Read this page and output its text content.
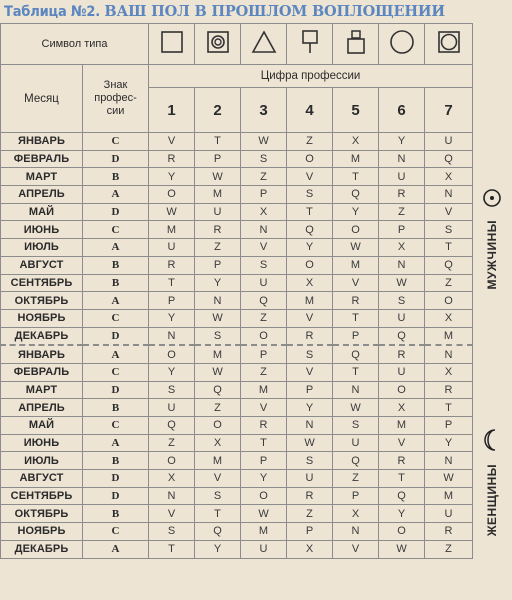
Таблица №2. ВАШ ПОЛ В ПРОШЛОМ ВОПЛОЩЕНИИ
Символ типа							
Месяц	Знак
профес-
сии	Цифра профессии						
		1	2	3	4	5	6	7
ЯНВАРЬ	C	V	T	W	Z	X	Y	U
ФЕВРАЛЬ	D	R	P	S	O	M	N	Q
МАРТ	B	Y	W	Z	V	T	U	X
АПРЕЛЬ	A	O	M	P	S	Q	R	N
МАЙ	D	W	U	X	T	Y	Z	V
ИЮНЬ	C	M	R	N	Q	O	P	S
ИЮЛЬ	A	U	Z	V	Y	W	X	T
АВГУСТ	B	R	P	S	O	M	N	Q
СЕНТЯБРЬ	B	T	Y	U	X	V	W	Z
ОКТЯБРЬ	A	P	N	Q	M	R	S	O
НОЯБРЬ	C	Y	W	Z	V	T	U	X
ДЕКАБРЬ	D	N	S	O	R	P	Q	M
ЯНВАРЬ	A	O	M	P	S	Q	R	N
ФЕВРАЛЬ	C	Y	W	Z	V	T	U	X
МАРТ	D	S	Q	M	P	N	O	R
АПРЕЛЬ	B	U	Z	V	Y	W	X	T
МАЙ	C	Q	O	R	N	S	M	P
ИЮНЬ	A	Z	X	T	W	U	V	Y
ИЮЛЬ	B	O	M	P	S	Q	R	N
АВГУСТ	D	X	V	Y	U	Z	T	W
СЕНТЯБРЬ	D	N	S	O	R	P	Q	M
ОКТЯБРЬ	B	V	T	W	Z	X	Y	U
НОЯБРЬ	C	S	Q	M	P	N	O	R
ДЕКАБРЬ	A	T	Y	U	X	V	W	Z
МУЖЧИНЫ
ЖЕНЩИНЫ
